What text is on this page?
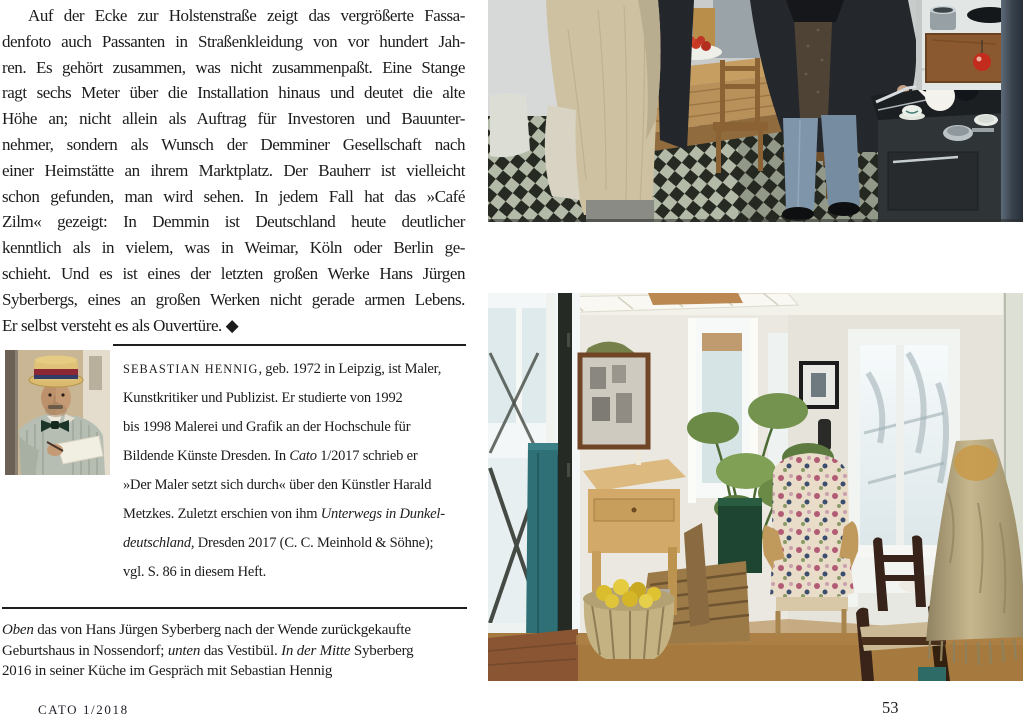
Auf der Ecke zur Holstenstraße zeigt das vergrößerte Fassa-
denfoto auch Passanten in Straßenkleidung von vor hundert Jah-
ren. Es gehört zusammen, was nicht zusammenpaßt. Eine Stange
ragt sechs Meter über die Installation hinaus und deutet die alte
Höhe an; nicht allein als Auftrag für Investoren und Bauunter-
nehmer, sondern als Wunsch der Demminer Gesellschaft nach
einer Heimstätte an ihrem Marktplatz. Der Bauherr ist vielleicht
schon gefunden, man wird sehen. In jedem Fall hat das »Café
Zilm« gezeigt: In Demmin ist Deutschland heute deutlicher
kenntlich als in vielem, was in Weimar, Köln oder Berlin ge-
schieht. Und es ist eines der letzten großen Werke Hans Jürgen
Syberbergs, eines an großen Werken nicht gerade armen Lebens.
Er selbst versteht es als Ouvertüre. ◆
SEBASTIAN HENNIG, geb. 1972 in Leipzig, ist Maler,
Kunstkritiker und Publizist. Er studierte von 1992
bis 1998 Malerei und Grafik an der Hochschule für
Bildende Künste Dresden. In Cato 1/2017 schrieb er
»Der Maler setzt sich durch« über den Künstler Harald
Metzkes. Zuletzt erschien von ihm Unterwegs in Dunkel-
deutschland, Dresden 2017 (C. C. Meinhold & Söhne);
vgl. S. 86 in diesem Heft.
Oben das von Hans Jürgen Syberberg nach der Wende zurückgekaufte
Geburtshaus in Nossendorf; unten das Vestibül. In der Mitte Syberberg
2016 in seiner Küche im Gespräch mit Sebastian Hennig
CATO 1/2018	53
